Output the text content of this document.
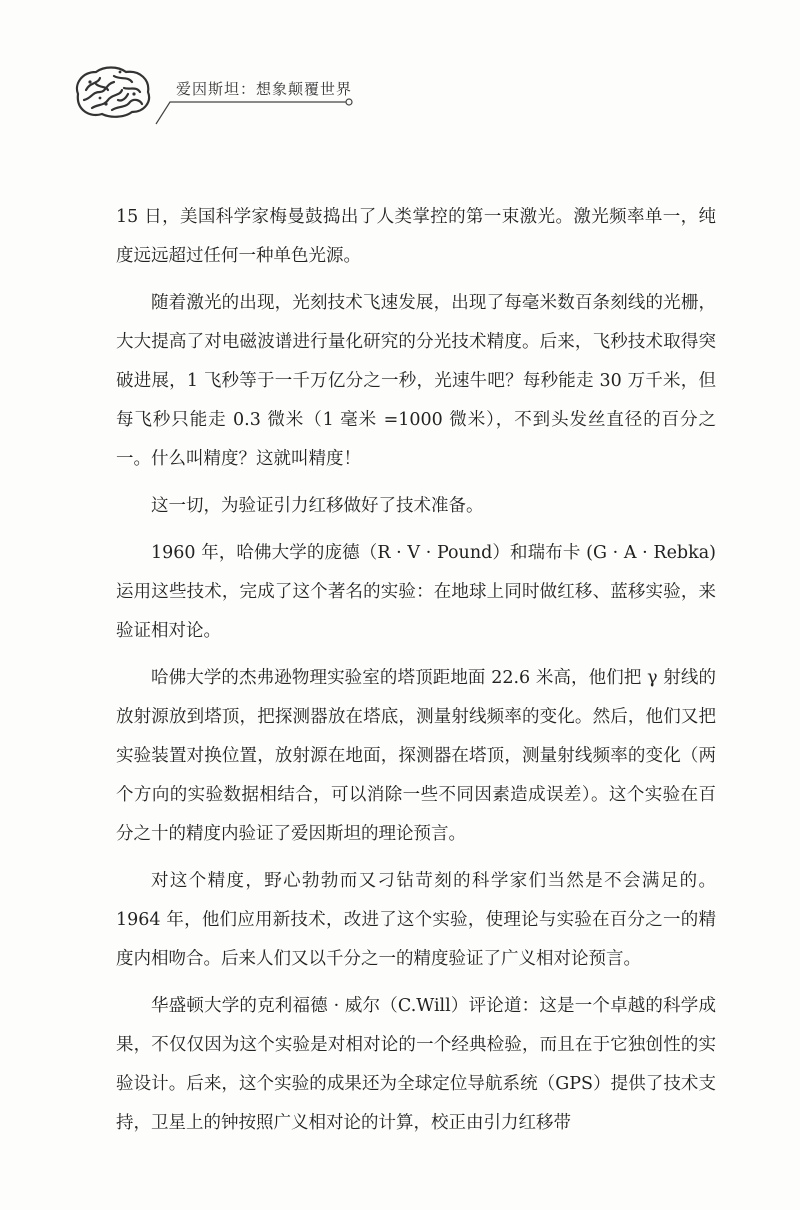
爱因斯坦：想象颠覆世界

15 日，美国科学家梅曼鼓捣出了人类掌控的第一束激光。激光频率单一，纯度远远超过任何一种单色光源。

随着激光的出现，光刻技术飞速发展，出现了每毫米数百条刻线的光栅，大大提高了对电磁波谱进行量化研究的分光技术精度。后来，飞秒技术取得突破进展，1 飞秒等于一千万亿分之一秒，光速牛吧？每秒能走 30 万千米，但每飞秒只能走 0.3 微米（1 毫米 =1000 微米），不到头发丝直径的百分之一。什么叫精度？这就叫精度！

这一切，为验证引力红移做好了技术准备。

1960 年，哈佛大学的庞德（R · V · Pound）和瑞布卡 (G · A · Rebka) 运用这些技术，完成了这个著名的实验：在地球上同时做红移、蓝移实验，来验证相对论。

哈佛大学的杰弗逊物理实验室的塔顶距地面 22.6 米高，他们把 γ 射线的放射源放到塔顶，把探测器放在塔底，测量射线频率的变化。然后，他们又把实验装置对换位置，放射源在地面，探测器在塔顶，测量射线频率的变化（两个方向的实验数据相结合，可以消除一些不同因素造成误差）。这个实验在百分之十的精度内验证了爱因斯坦的理论预言。

对这个精度，野心勃勃而又刁钻苛刻的科学家们当然是不会满足的。1964 年，他们应用新技术，改进了这个实验，使理论与实验在百分之一的精度内相吻合。后来人们又以千分之一的精度验证了广义相对论预言。

华盛顿大学的克利福德 · 威尔（C.Will）评论道：这是一个卓越的科学成果，不仅仅因为这个实验是对相对论的一个经典检验，而且在于它独创性的实验设计。后来，这个实验的成果还为全球定位导航系统（GPS）提供了技术支持，卫星上的钟按照广义相对论的计算，校正由引力红移带
